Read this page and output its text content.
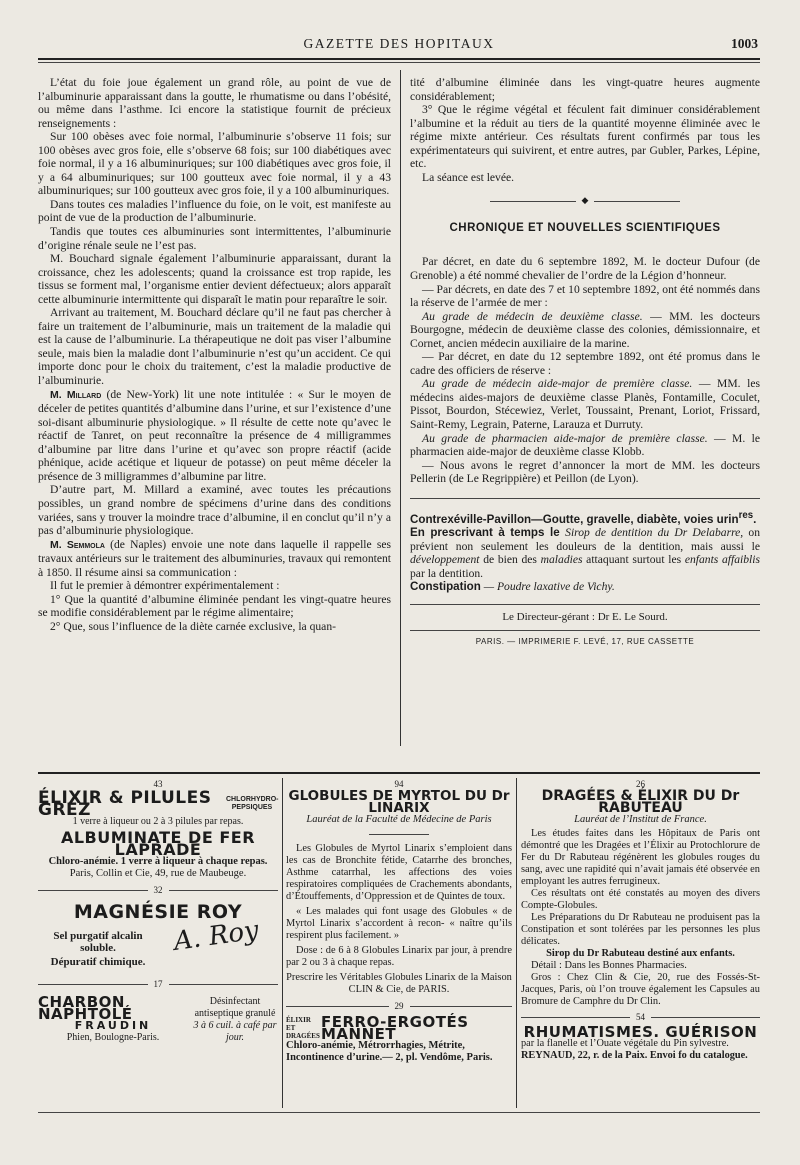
GAZETTE DES HOPITAUX	1003

L’état du foie joue également un grand rôle, au point de vue de l’albuminurie apparaissant dans la goutte, le rhumatisme ou dans l’obésité, ou même dans l’asthme. Ici encore la statistique fournit de précieux renseignements :

Sur 100 obèses avec foie normal, l’albuminurie s’observe 11 fois; sur 100 obèses avec gros foie, elle s’observe 68 fois; sur 100 diabétiques avec foie normal, il y a 16 albuminuriques; sur 100 diabétiques avec gros foie, il y a 64 albuminuriques; sur 100 goutteux avec foie normal, il y a 43 albuminuriques; sur 100 goutteux avec gros foie, il y a 100 albuminuriques.

Dans toutes ces maladies l’influence du foie, on le voit, est manifeste au point de vue de la production de l’albuminurie.

Tandis que toutes ces albuminuries sont intermittentes, l’albuminurie d’origine rénale seule ne l’est pas.

M. Bouchard signale également l’albuminurie apparaissant, durant la croissance, chez les adolescents; quand la croissance est trop rapide, les tissus se forment mal, l’organisme entier devient défectueux; alors apparaît cette albuminurie intermittente qui disparaît le matin pour reparaître le soir.

Arrivant au traitement, M. Bouchard déclare qu’il ne faut pas chercher à faire un traitement de l’albuminurie, mais un traitement de la maladie qui est la cause de l’albuminurie. La thérapeutique ne doit pas viser l’albumine seule, mais bien la maladie dont l’albuminurie n’est qu’un accident. Ce qui importe donc pour le choix du traitement, c’est la maladie productive de l’albuminurie.

M. Millard (de New-York) lit une note intitulée : « Sur le moyen de déceler de petites quantités d’albumine dans l’urine, et sur l’existence d’une soi-disant albuminurie physiologique. » Il résulte de cette note qu’avec le réactif de Tanret, on peut reconnaître la présence de 4 milligrammes d’albumine par litre dans l’urine et qu’avec son propre réactif (acide phénique, acide acétique et liqueur de potasse) on peut même déceler la présence de 3 milligrammes d’albumine par litre.

D’autre part, M. Millard a examiné, avec toutes les précautions possibles, un grand nombre de spécimens d’urine dans des conditions variées, sans y trouver la moindre trace d’albumine, il en conclut qu’il n’y a pas d’albuminurie physiologique.

M. Semmola (de Naples) envoie une note dans laquelle il rappelle ses travaux antérieurs sur le traitement des albuminuries, travaux qui remontent à 1850. Il résume ainsi sa communication :

Il fut le premier à démontrer expérimentalement :

1° Que la quantité d’albumine éliminée pendant les vingt-quatre heures se modifie considérablement par le régime alimentaire;

2° Que, sous l’influence de la diète carnée exclusive, la quan-

tité d’albumine éliminée dans les vingt-quatre heures augmente considérablement;

3° Que le régime végétal et féculent fait diminuer considérablement l’albumine et la réduit au tiers de la quantité moyenne éliminée avec le régime mixte antérieur. Ces résultats furent confirmés par tous les expérimentateurs qui suivirent, et entre autres, par Gubler, Parkes, Lépine, etc.

La séance est levée.

◆
CHRONIQUE ET NOUVELLES SCIENTIFIQUES

Par décret, en date du 6 septembre 1892, M. le docteur Dufour (de Grenoble) a été nommé chevalier de l’ordre de la Légion d’honneur.

— Par décrets, en date des 7 et 10 septembre 1892, ont été nommés dans la réserve de l’armée de mer :

Au grade de médecin de deuxième classe. — MM. les docteurs Bourgogne, médecin de deuxième classe des colonies, démissionnaire, et Cornet, ancien médecin auxiliaire de la marine.

— Par décret, en date du 12 septembre 1892, ont été promus dans le cadre des officiers de réserve :

Au grade de médecin aide-major de première classe. — MM. les médecins aides-majors de deuxième classe Planès, Fontamille, Coculet, Pissot, Bourdon, Stécewiez, Verlet, Toussaint, Prenant, Loriot, Frissard, Saint-Remy, Legrain, Paterne, Larauza et Durruty.

Au grade de pharmacien aide-major de première classe. — M. le pharmacien aide-major de deuxième classe Klobb.

— Nous avons le regret d’annoncer la mort de MM. les docteurs Pellerin (de Le Regrippière) et Peillon (de Lyon).

Contrexéville-Pavillon—Goutte, gravelle, diabète, voies urin$^{res}$.

En prescrivant à temps le Sirop de dentition du Dr Delabarre, on prévient non seulement les douleurs de la dentition, mais aussi le développement de bien des maladies attaquant surtout les enfants affaiblis par la dentition.

Constipation — Poudre laxative de Vichy.

Le Directeur-gérant : Dr E. Le Sourd.
PARIS. — IMPRIMERIE F. LEVÉ, 17, RUE CASSETTE
43
ÉLIXIR & PILULES GREZ
CHLORHYDRO-PEPSIQUES
1 verre à liqueur ou 2 à 3 pilules par repas.
ALBUMINATE DE FER LAPRADE
Chloro-anémie. 1 verre à liqueur à chaque repas.
Paris, Collin et Cie, 49, rue de Maubeuge.
32
MAGNÉSIE ROY
Sel purgatif alcalin soluble.
Dépuratif chimique.
A. Roy
17
CHARBON NAPHTOLÉ
FRAUDIN
Phien, Boulogne-Paris.
Désinfectant antiseptique granulé
3 à 6 cuil. à café par jour.
94
GLOBULES DE MYRTOL DU Dr LINARIX
Lauréat de la Faculté de Médecine de Paris
Les Globules de Myrtol Linarix s’emploient dans les cas de Bronchite fétide, Catarrhe des bronches, Asthme catarrhal, les affections des voies respiratoires compliquées de Crachements abondants, d’Étouffements, d’Oppression et de Quintes de toux.
« Les malades qui font usage des Globules « de Myrtol Linarix s’accordent à recon- « naître qu’ils respirent plus facilement. »
Dose : de 6 à 8 Globules Linarix par jour, à prendre par 2 ou 3 à chaque repas.
Prescrire les Véritables Globules Linarix de la Maison CLIN & Cie, de PARIS.
29
ÉLIXIR ET DRAGÉES
FERRO-ERGOTÉS MANNET
Chloro-anémie, Métrorrhagies, Métrite,
Incontinence d’urine.— 2, pl. Vendôme, Paris.
26
DRAGÉES & ÉLIXIR DU Dr RABUTEAU
Lauréat de l’Institut de France.
Les études faites dans les Hôpitaux de Paris ont démontré que les Dragées et l’Élixir au Protochlorure de Fer du Dr Rabuteau régénèrent les globules rouges du sang, avec une rapidité qui n’avait jamais été observée en employant les autres ferrugineux.
Ces résultats ont été constatés au moyen des divers Compte-Globules.
Les Préparations du Dr Rabuteau ne produisent pas la Constipation et sont tolérées par les personnes les plus délicates.
Sirop du Dr Rabuteau destiné aux enfants.
Détail : Dans les Bonnes Pharmacies.
Gros : Chez Clin & Cie, 20, rue des Fossés-St-Jacques, Paris, où l’on trouve également les Capsules au Bromure de Camphre du Dr Clin.
54
RHUMATISMES. GUÉRISON
par la flanelle et l’Ouate végétale du Pin sylvestre.
REYNAUD, 22, r. de la Paix. Envoi fo du catalogue.
